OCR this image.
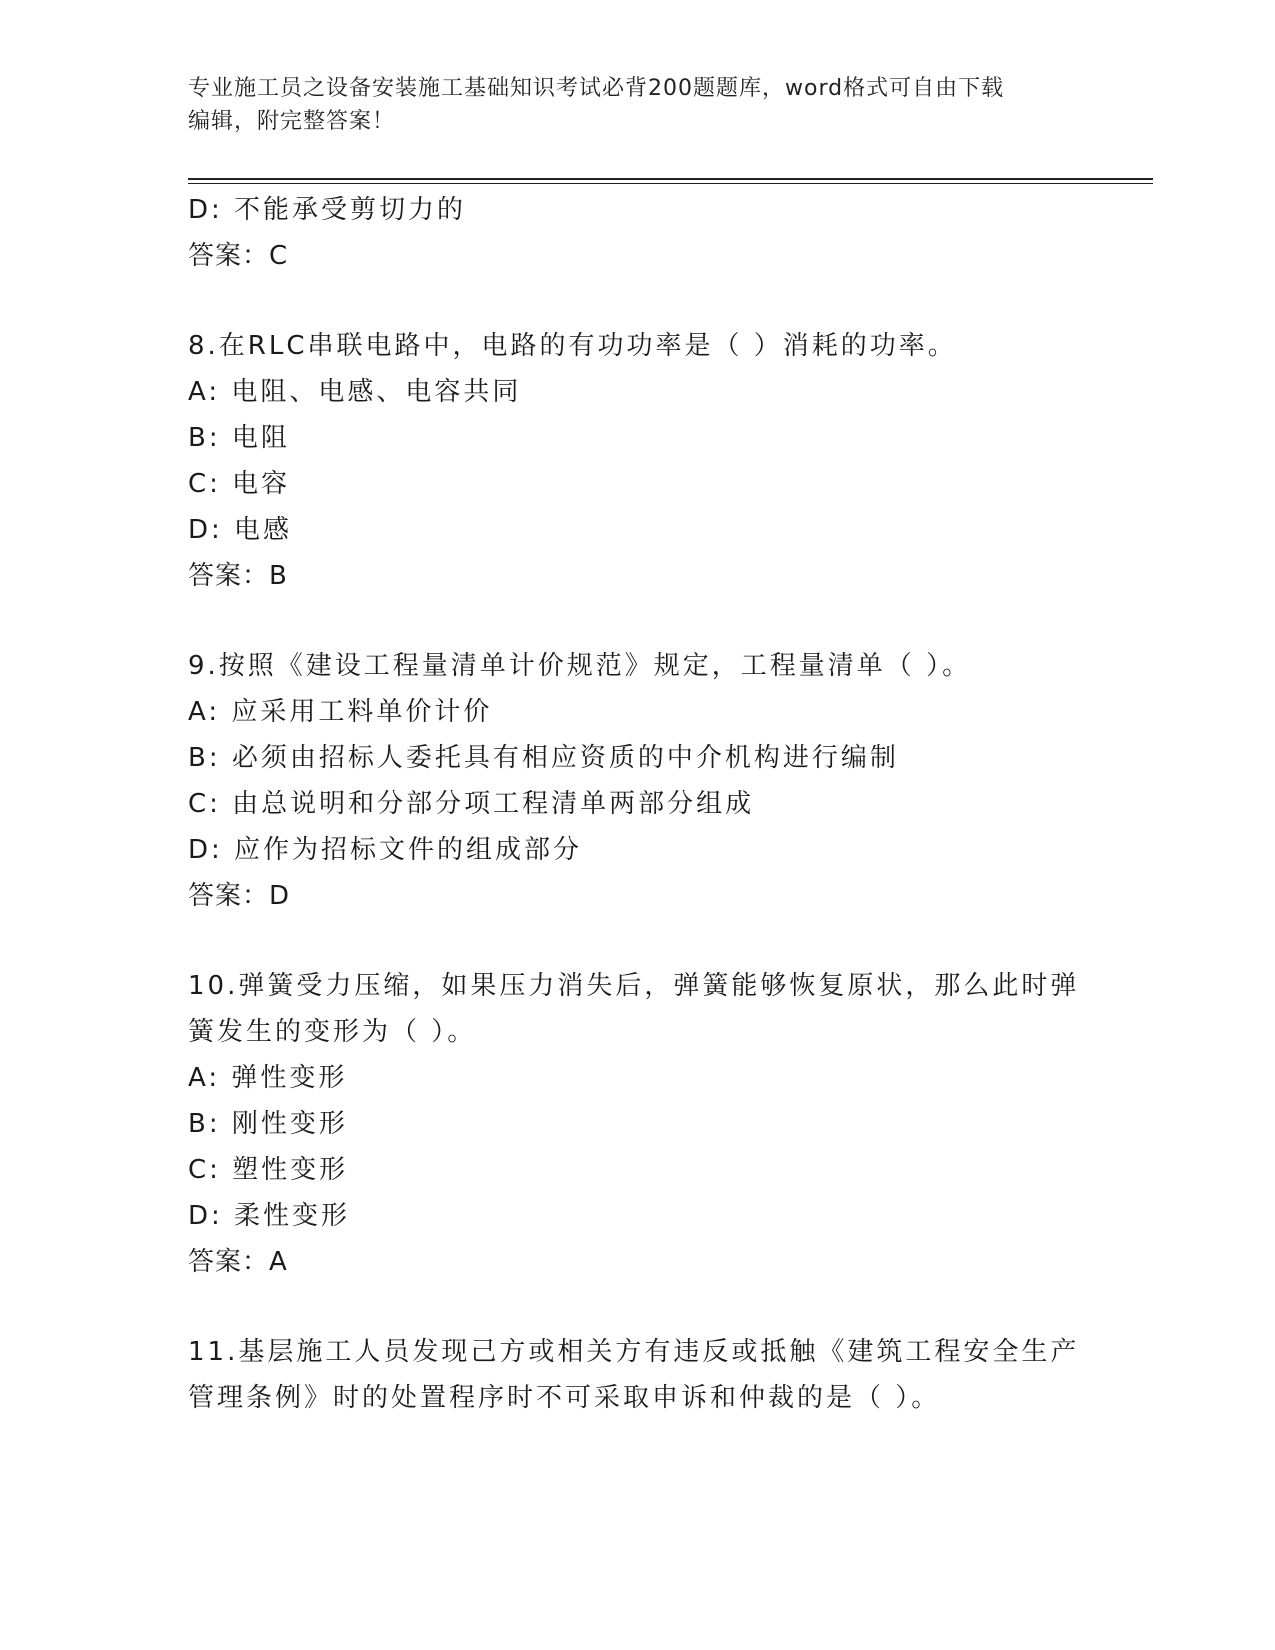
专业施工员之设备安装施工基础知识考试必背200题题库，word格式可自由下载
编辑，附完整答案！
D: 不能承受剪切力的
答案：C
8.在RLC串联电路中，电路的有功功率是（ ）消耗的功率。
A: 电阻、电感、电容共同
B: 电阻
C: 电容
D: 电感
答案：B
9.按照《建设工程量清单计价规范》规定，工程量清单（ ）。
A: 应采用工料单价计价
B: 必须由招标人委托具有相应资质的中介机构进行编制
C: 由总说明和分部分项工程清单两部分组成
D: 应作为招标文件的组成部分
答案：D
10.弹簧受力压缩，如果压力消失后，弹簧能够恢复原状，那么此时弹
簧发生的变形为（ ）。
A: 弹性变形
B: 刚性变形
C: 塑性变形
D: 柔性变形
答案：A
11.基层施工人员发现己方或相关方有违反或抵触《建筑工程安全生产
管理条例》时的处置程序时不可采取申诉和仲裁的是（ ）。
